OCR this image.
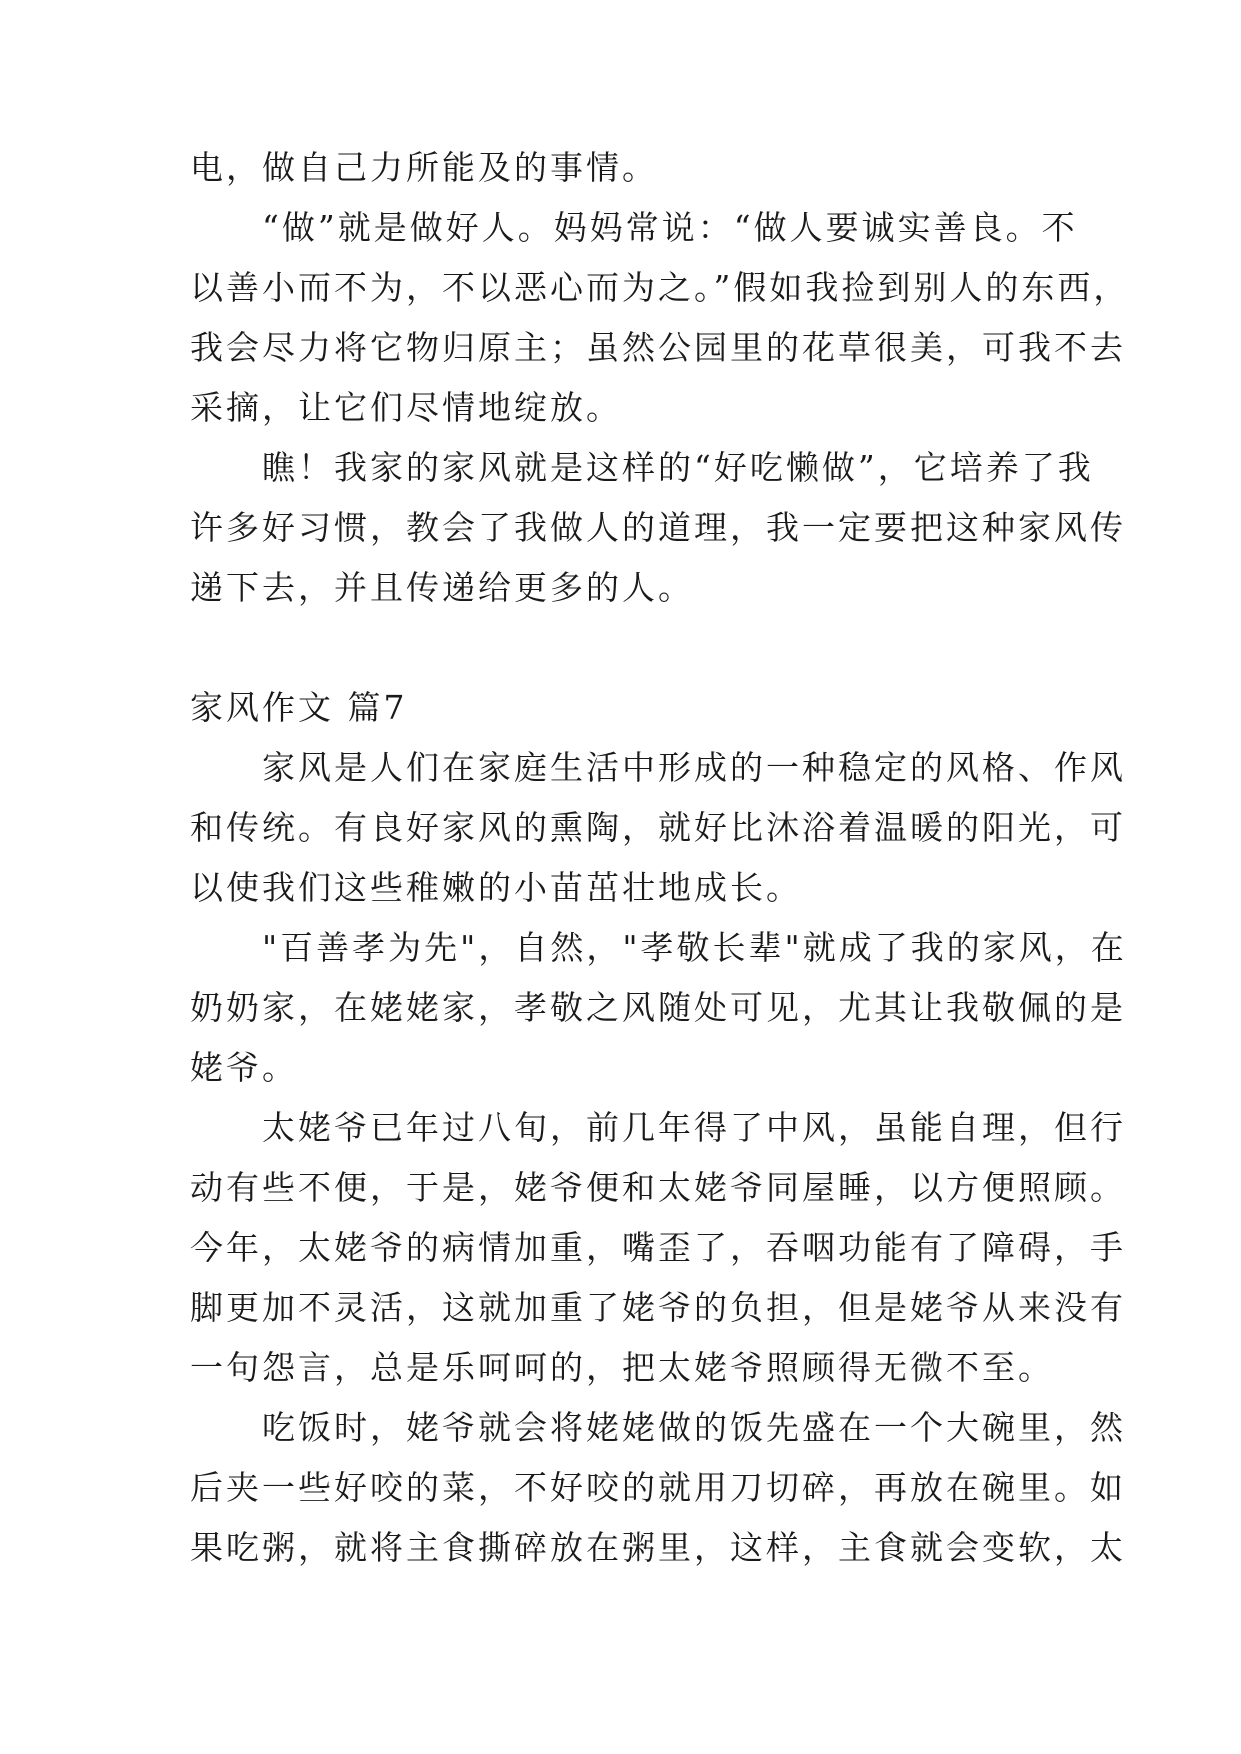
电，做自己力所能及的事情。
　　“做”就是做好人。妈妈常说：“做人要诚实善良。不
以善小而不为，不以恶心而为之。”假如我捡到别人的东西，
我会尽力将它物归原主；虽然公园里的花草很美，可我不去
采摘，让它们尽情地绽放。
　　瞧！我家的家风就是这样的“好吃懒做”，它培养了我
许多好习惯，教会了我做人的道理，我一定要把这种家风传
递下去，并且传递给更多的人。
家风作文 篇7
　　家风是人们在家庭生活中形成的一种稳定的风格、作风
和传统。有良好家风的熏陶，就好比沐浴着温暖的阳光，可
以使我们这些稚嫩的小苗茁壮地成长。
　　"百善孝为先"，自然，"孝敬长辈"就成了我的家风，在
奶奶家，在姥姥家，孝敬之风随处可见，尤其让我敬佩的是
姥爷。
　　太姥爷已年过八旬，前几年得了中风，虽能自理，但行
动有些不便，于是，姥爷便和太姥爷同屋睡，以方便照顾。
今年，太姥爷的病情加重，嘴歪了，吞咽功能有了障碍，手
脚更加不灵活，这就加重了姥爷的负担，但是姥爷从来没有
一句怨言，总是乐呵呵的，把太姥爷照顾得无微不至。
　　吃饭时，姥爷就会将姥姥做的饭先盛在一个大碗里，然
后夹一些好咬的菜，不好咬的就用刀切碎，再放在碗里。如
果吃粥，就将主食撕碎放在粥里，这样，主食就会变软，太
